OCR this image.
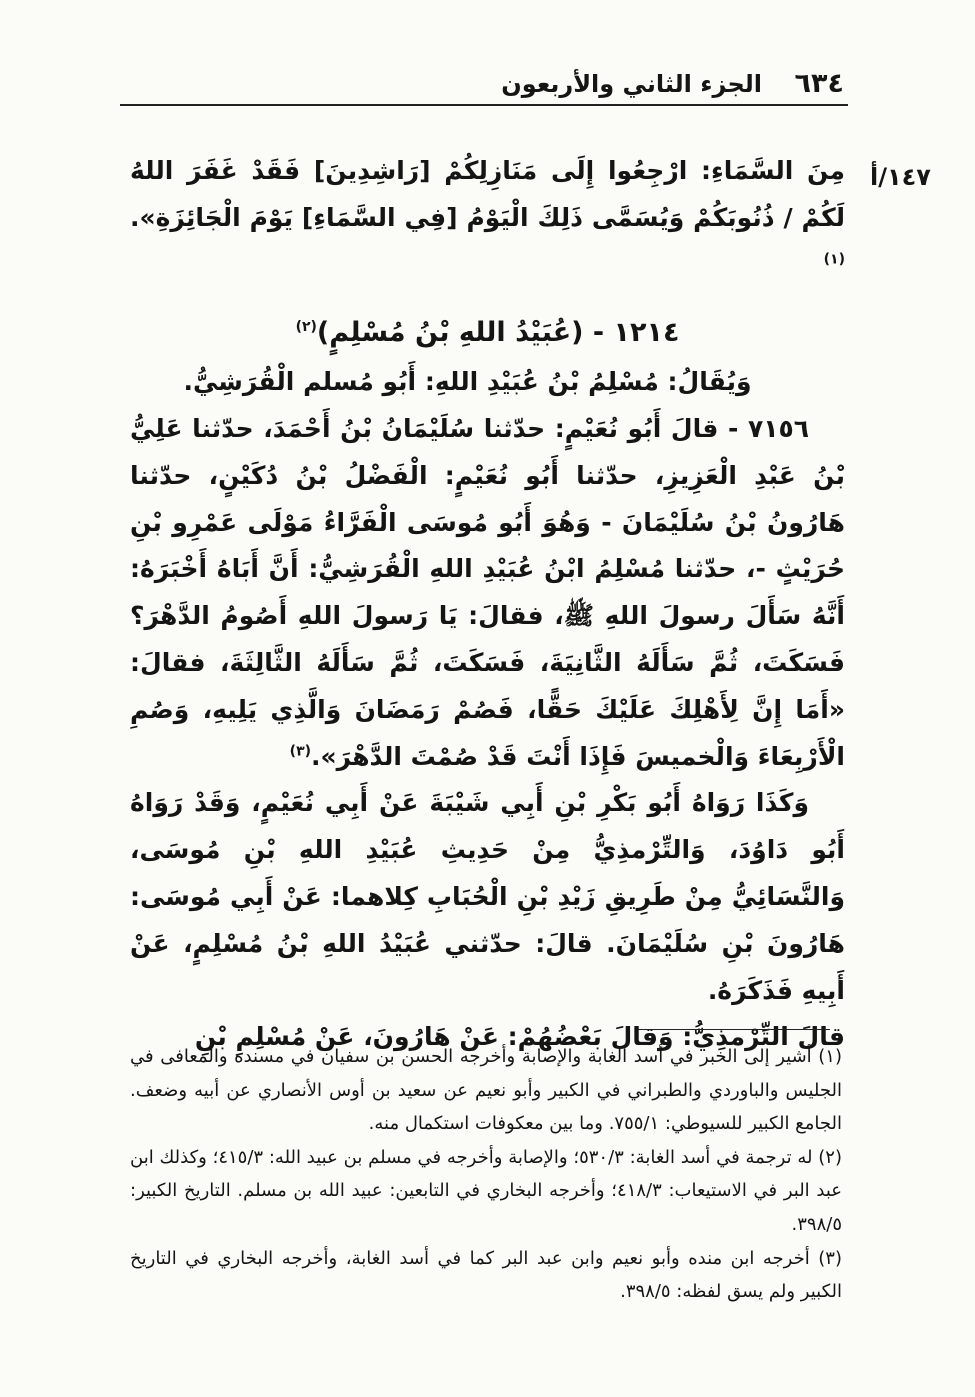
٦٣٤
الجزء الثاني والأربعون
١٤٧/أ

مِنَ السَّمَاءِ: ارْجِعُوا إِلَى مَنَازِلِكُمْ [رَاشِدِينَ] فَقَدْ غَفَرَ اللهُ لَكُمْ / ذُنُوبَكُمْ وَيُسَمَّى ذَلِكَ الْيَوْمُ [فِي السَّمَاءِ] يَوْمَ الْجَائِزَةِ».$^{(١)}$

١٢١٤ - (عُبَيْدُ اللهِ بْنُ مُسْلِمٍ)$^{(٢)}$

وَيُقَالُ: مُسْلِمُ بْنُ عُبَيْدِ اللهِ: أَبُو مُسلم الْقُرَشِيُّ.

٧١٥٦ - قالَ أَبُو نُعَيْمٍ: حدّثنا سُلَيْمَانُ بْنُ أَحْمَدَ، حدّثنا عَلِيُّ بْنُ عَبْدِ الْعَزِيزِ، حدّثنا أَبُو نُعَيْمٍ: الْفَضْلُ بْنُ دُكَيْنٍ، حدّثنا هَارُونُ بْنُ سُلَيْمَانَ - وَهُوَ أَبُو مُوسَى الْفَرَّاءُ مَوْلَى عَمْرِو بْنِ حُرَيْثٍ -، حدّثنا مُسْلِمُ ابْنُ عُبَيْدِ اللهِ الْقُرَشِيُّ: أَنَّ أَبَاهُ أَخْبَرَهُ: أَنَّهُ سَأَلَ رسولَ اللهِ ﷺ، فقالَ: يَا رَسولَ اللهِ أَصُومُ الدَّهْرَ؟ فَسَكَتَ، ثُمَّ سَأَلَهُ الثَّانِيَةَ، فَسَكَتَ، ثُمَّ سَأَلَهُ الثَّالِثَةَ، فقالَ: «أَمَا إِنَّ لِأَهْلِكَ عَلَيْكَ حَقًّا، فَصُمْ رَمَضَانَ وَالَّذِي يَلِيهِ، وَصُمِ الْأَرْبِعَاءَ وَالْخميسَ فَإِذَا أَنْتَ قَدْ صُمْتَ الدَّهْرَ».$^{(٣)}$

وَكَذَا رَوَاهُ أَبُو بَكْرِ بْنِ أَبِي شَيْبَةَ عَنْ أَبِي نُعَيْمٍ، وَقَدْ رَوَاهُ أَبُو دَاوُدَ، وَالتِّرْمذِيُّ مِنْ حَدِيثِ عُبَيْدِ اللهِ بْنِ مُوسَى، وَالنَّسَائِيُّ مِنْ طَرِيقِ زَيْدِ بْنِ الْحُبَابِ كِلاهما: عَنْ أَبِي مُوسَى: هَارُونَ بْنِ سُلَيْمَانَ. قالَ: حدّثني عُبَيْدُ اللهِ بْنُ مُسْلِمٍ، عَنْ أَبِيهِ فَذَكَرَهُ.

قالَ التِّرْمذِيُّ: وَقالَ بَعْضُهُمْ: عَنْ هَارُونَ، عَنْ مُسْلِمِ بْنِ

(١) أشير إلى الخبر في أسد الغابة والإصابة وأخرجه الحسن بن سفيان في مسنده والمعافى في الجليس والباوردي والطبراني في الكبير وأبو نعيم عن سعيد بن أوس الأنصاري عن أبيه وضعف. الجامع الكبير للسيوطي: ٧٥٥/١. وما بين معكوفات استكمال منه.

(٢) له ترجمة في أسد الغابة: ٥٣٠/٣؛ والإصابة وأخرجه في مسلم بن عبيد الله: ٤١٥/٣؛ وكذلك ابن عبد البر في الاستيعاب: ٤١٨/٣؛ وأخرجه البخاري في التابعين: عبيد الله بن مسلم. التاريخ الكبير: ٣٩٨/٥.

(٣) أخرجه ابن منده وأبو نعيم وابن عبد البر كما في أسد الغابة، وأخرجه البخاري في التاريخ الكبير ولم يسق لفظه: ٣٩٨/٥.
